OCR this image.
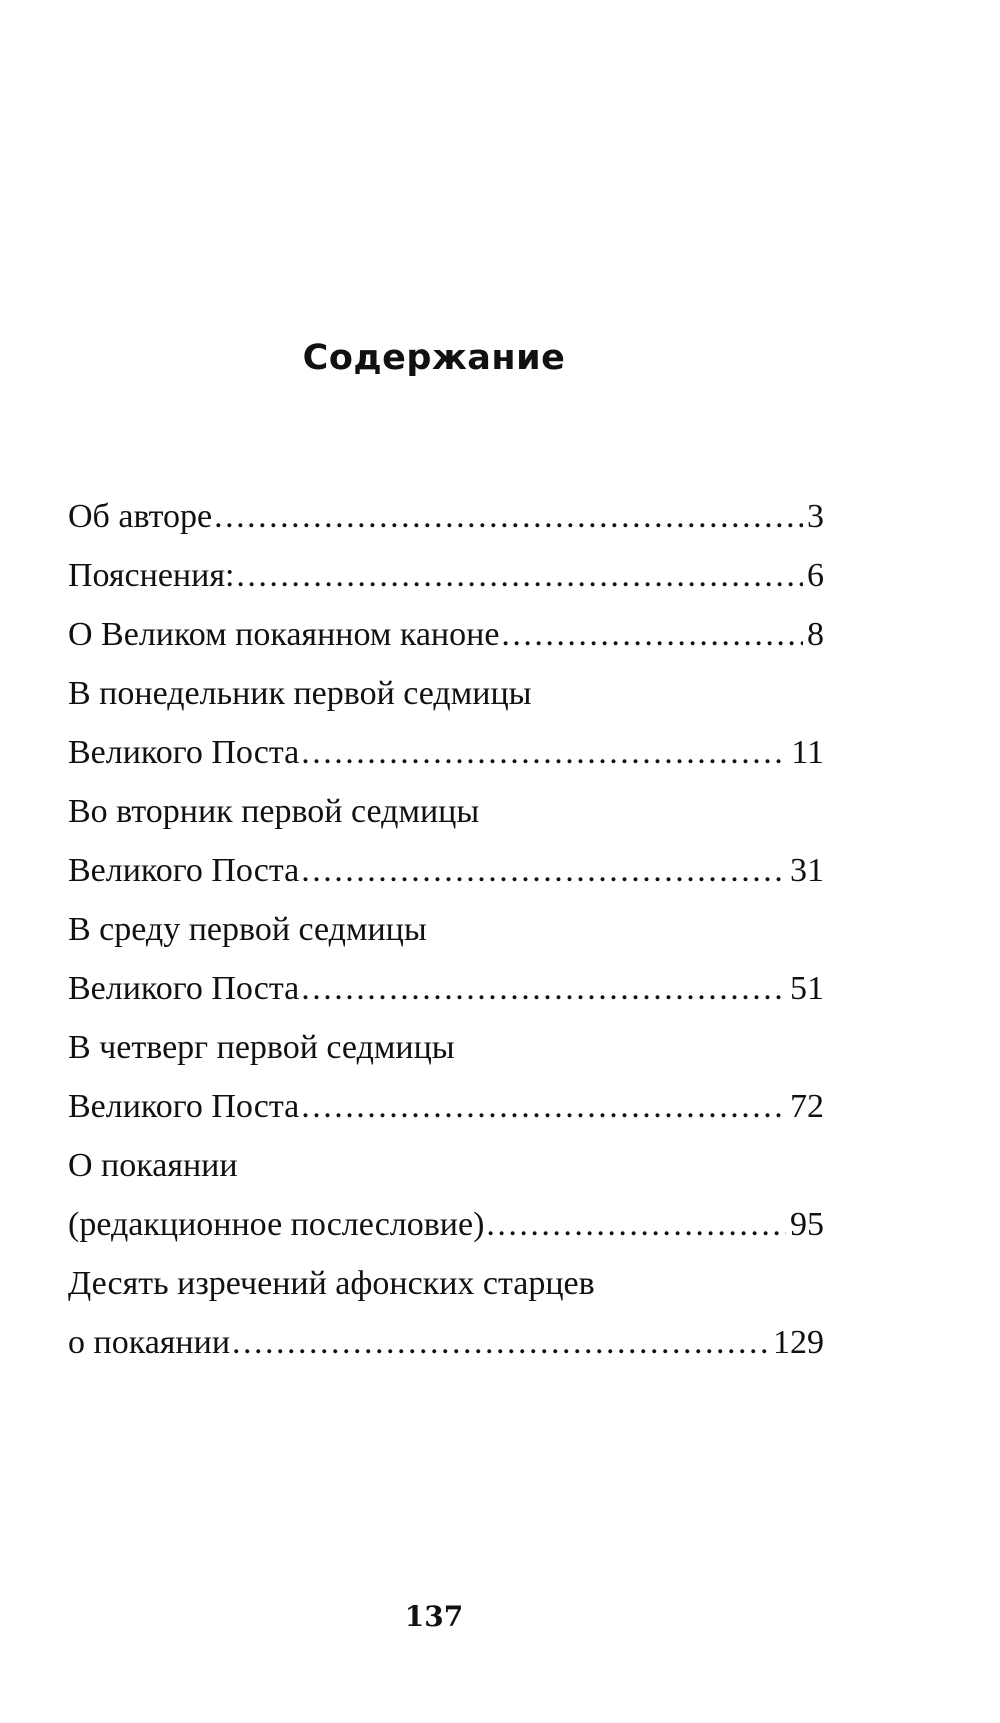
Содержание
Об авторе .....	3
Пояснения: .....	6
О Великом покаянном каноне .....	8
В понедельник первой седмицы
Великого Поста .....	11
Во вторник первой седмицы
Великого Поста .....	31
В среду первой седмицы
Великого Поста .....	51
В четверг первой седмицы
Великого Поста .....	72
О покаянии
(редакционное послесловие) .....	95
Десять изречений афонских старцев
о покаянии .....	129
137
